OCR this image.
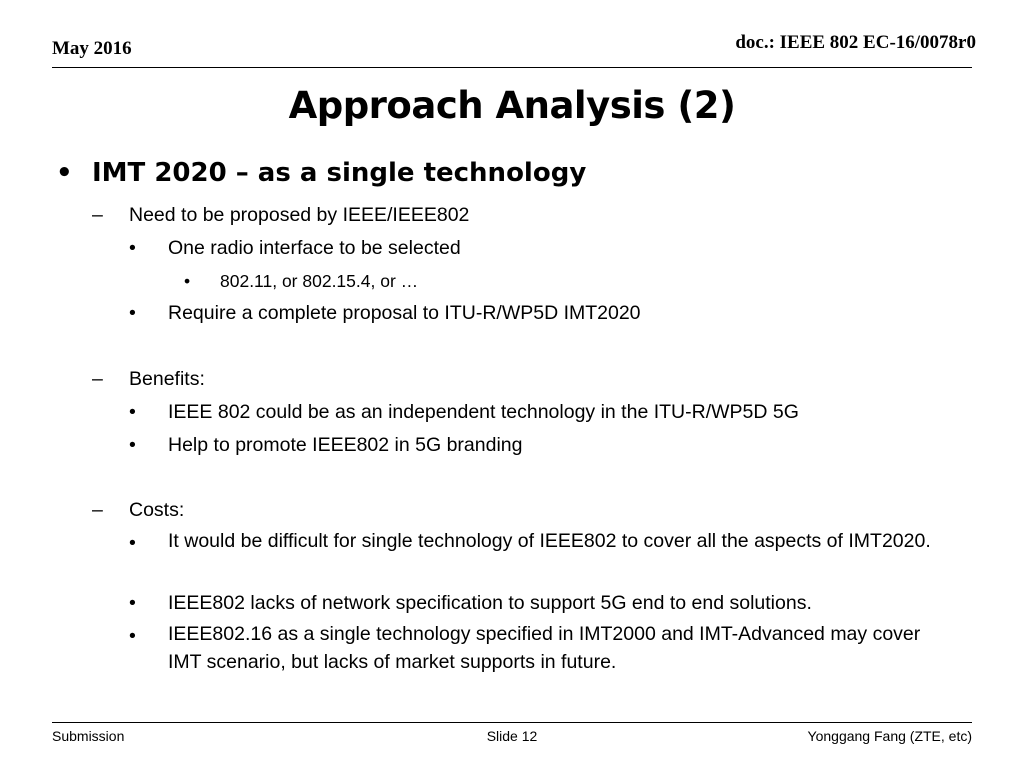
May 2016	doc.: IEEE 802 EC-16/0078r0
Approach Analysis (2)
• IMT 2020 – as a single technology
– Need to be proposed by IEEE/IEEE802
• One radio interface to be selected
• 802.11, or 802.15.4, or …
• Require a complete proposal to ITU-R/WP5D IMT2020
– Benefits:
• IEEE 802 could be as an independent technology in the ITU-R/WP5D 5G
• Help to promote IEEE802 in 5G branding
– Costs:
• It would be difficult for single technology of IEEE802 to cover all the aspects of IMT2020.
• IEEE802 lacks of network specification to support 5G end to end solutions.
• IEEE802.16 as a single technology specified in IMT2000 and IMT-Advanced may cover IMT scenario, but lacks of market supports in future.
Submission	Slide 12	Yonggang Fang (ZTE, etc)
